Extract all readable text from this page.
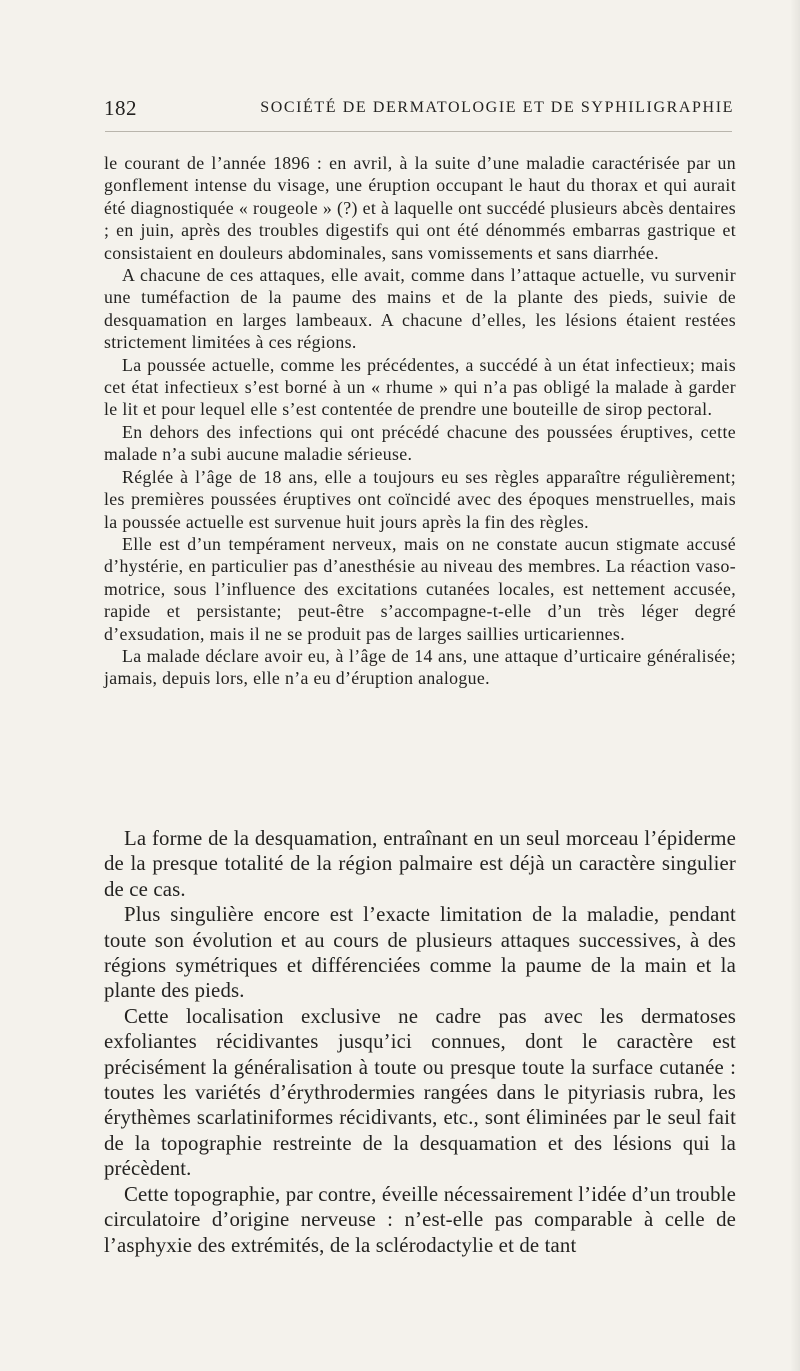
182	SOCIÉTÉ DE DERMATOLOGIE ET DE SYPHILIGRAPHIE

le courant de l’année 1896 : en avril, à la suite d’une maladie caractérisée par un gonflement intense du visage, une éruption occupant le haut du thorax et qui aurait été diagnostiquée « rougeole » (?) et à laquelle ont succédé plusieurs abcès dentaires ; en juin, après des troubles digestifs qui ont été dénommés embarras gastrique et consistaient en douleurs abdominales, sans vomissements et sans diarrhée.

A chacune de ces attaques, elle avait, comme dans l’attaque actuelle, vu survenir une tuméfaction de la paume des mains et de la plante des pieds, suivie de desquamation en larges lambeaux. A chacune d’elles, les lésions étaient restées strictement limitées à ces régions.

La poussée actuelle, comme les précédentes, a succédé à un état infectieux; mais cet état infectieux s’est borné à un « rhume » qui n’a pas obligé la malade à garder le lit et pour lequel elle s’est contentée de prendre une bouteille de sirop pectoral.

En dehors des infections qui ont précédé chacune des poussées éruptives, cette malade n’a subi aucune maladie sérieuse.

Réglée à l’âge de 18 ans, elle a toujours eu ses règles apparaître régulièrement; les premières poussées éruptives ont coïncidé avec des époques menstruelles, mais la poussée actuelle est survenue huit jours après la fin des règles.

Elle est d’un tempérament nerveux, mais on ne constate aucun stigmate accusé d’hystérie, en particulier pas d’anesthésie au niveau des membres. La réaction vaso-motrice, sous l’influence des excitations cutanées locales, est nettement accusée, rapide et persistante; peut-être s’accompagne-t-elle d’un très léger degré d’exsudation, mais il ne se produit pas de larges saillies urticariennes.

La malade déclare avoir eu, à l’âge de 14 ans, une attaque d’urticaire généralisée; jamais, depuis lors, elle n’a eu d’éruption analogue.

La forme de la desquamation, entraînant en un seul morceau l’épiderme de la presque totalité de la région palmaire est déjà un caractère singulier de ce cas.

Plus singulière encore est l’exacte limitation de la maladie, pendant toute son évolution et au cours de plusieurs attaques successives, à des régions symétriques et différenciées comme la paume de la main et la plante des pieds.

Cette localisation exclusive ne cadre pas avec les dermatoses exfoliantes récidivantes jusqu’ici connues, dont le caractère est précisément la généralisation à toute ou presque toute la surface cutanée : toutes les variétés d’érythrodermies rangées dans le pityriasis rubra, les érythèmes scarlatiniformes récidivants, etc., sont éliminées par le seul fait de la topographie restreinte de la desquamation et des lésions qui la précèdent.

Cette topographie, par contre, éveille nécessairement l’idée d’un trouble circulatoire d’origine nerveuse : n’est-elle pas comparable à celle de l’asphyxie des extrémités, de la sclérodactylie et de tant
